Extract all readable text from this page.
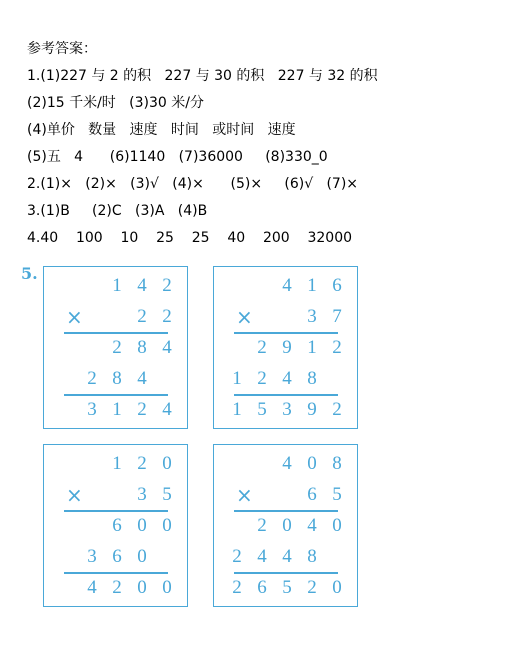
参考答案：
1.(1)227 与 2 的积   227 与 30 的积   227 与 32 的积
(2)15 千米/时   (3)30 米/分
(4)单价   数量   速度   时间   或时间   速度
(5)五   4      (6)1140   (7)36000     (8)330_0
2.(1)×   (2)×   (3)√   (4)×      (5)×     (6)√   (7)×
3.(1)B     (2)C   (3)A   (4)B
4.40    100    10    25    25    40    200    32000
5.
1 4 2
×	2 2
2 8 4
2 8 4
3 1 2 4
4 1 6
×	3 7
2 9 1 2
1 2 4 8
1 5 3 9 2
1 2 0
×	3 5
6 0 0
3 6 0
4 2 0 0
4 0 8
×	6 5
2 0 4 0
2 4 4 8
2 6 5 2 0
